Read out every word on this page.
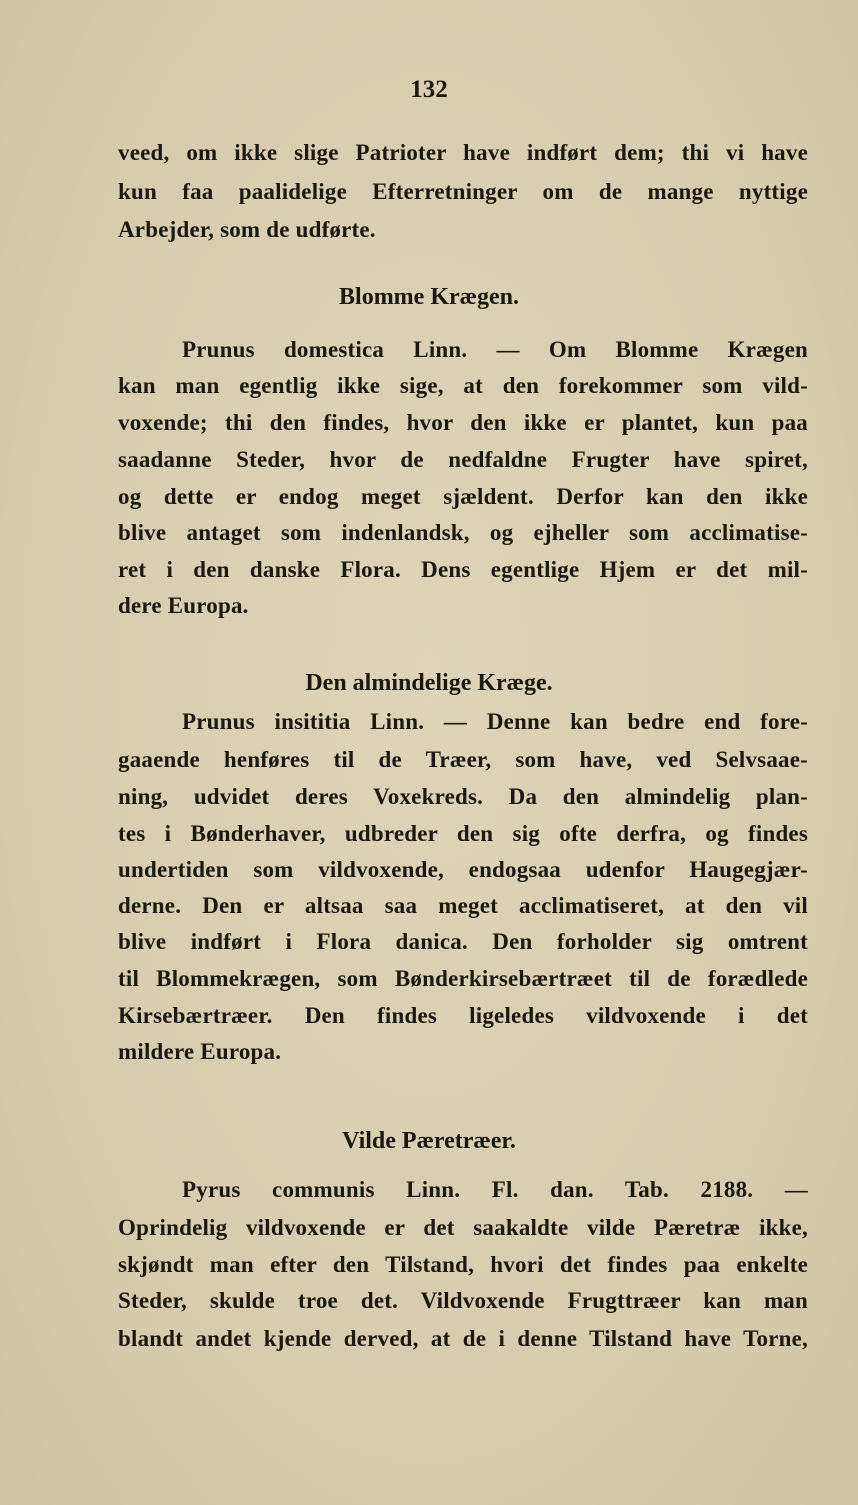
132
veed, om ikke slige Patrioter have indført dem; thi vi have
kun faa paalidelige Efterretninger om de mange nyttige
Arbejder, som de udførte.
Blomme Krægen.
Prunus domestica Linn. — Om Blomme Krægen
kan man egentlig ikke sige, at den forekommer som vild-
voxende; thi den findes, hvor den ikke er plantet, kun paa
saadanne Steder, hvor de nedfaldne Frugter have spiret,
og dette er endog meget sjældent. Derfor kan den ikke
blive antaget som indenlandsk, og ejheller som acclimatise-
ret i den danske Flora. Dens egentlige Hjem er det mil-
dere Europa.
Den almindelige Kræge.
Prunus insititia Linn. — Denne kan bedre end fore-
gaaende henføres til de Træer, som have, ved Selvsaae-
ning, udvidet deres Voxekreds. Da den almindelig plan-
tes i Bønderhaver, udbreder den sig ofte derfra, og findes
undertiden som vildvoxende, endogsaa udenfor Haugegjær-
derne. Den er altsaa saa meget acclimatiseret, at den vil
blive indført i Flora danica. Den forholder sig omtrent
til Blommekrægen, som Bønderkirsebærtræet til de forædlede
Kirsebærtræer. Den findes ligeledes vildvoxende i det
mildere Europa.
Vilde Pæretræer.
Pyrus communis Linn. Fl. dan. Tab. 2188. —
Oprindelig vildvoxende er det saakaldte vilde Pæretræ ikke,
skjøndt man efter den Tilstand, hvori det findes paa enkelte
Steder, skulde troe det. Vildvoxende Frugttræer kan man
blandt andet kjende derved, at de i denne Tilstand have Torne,
